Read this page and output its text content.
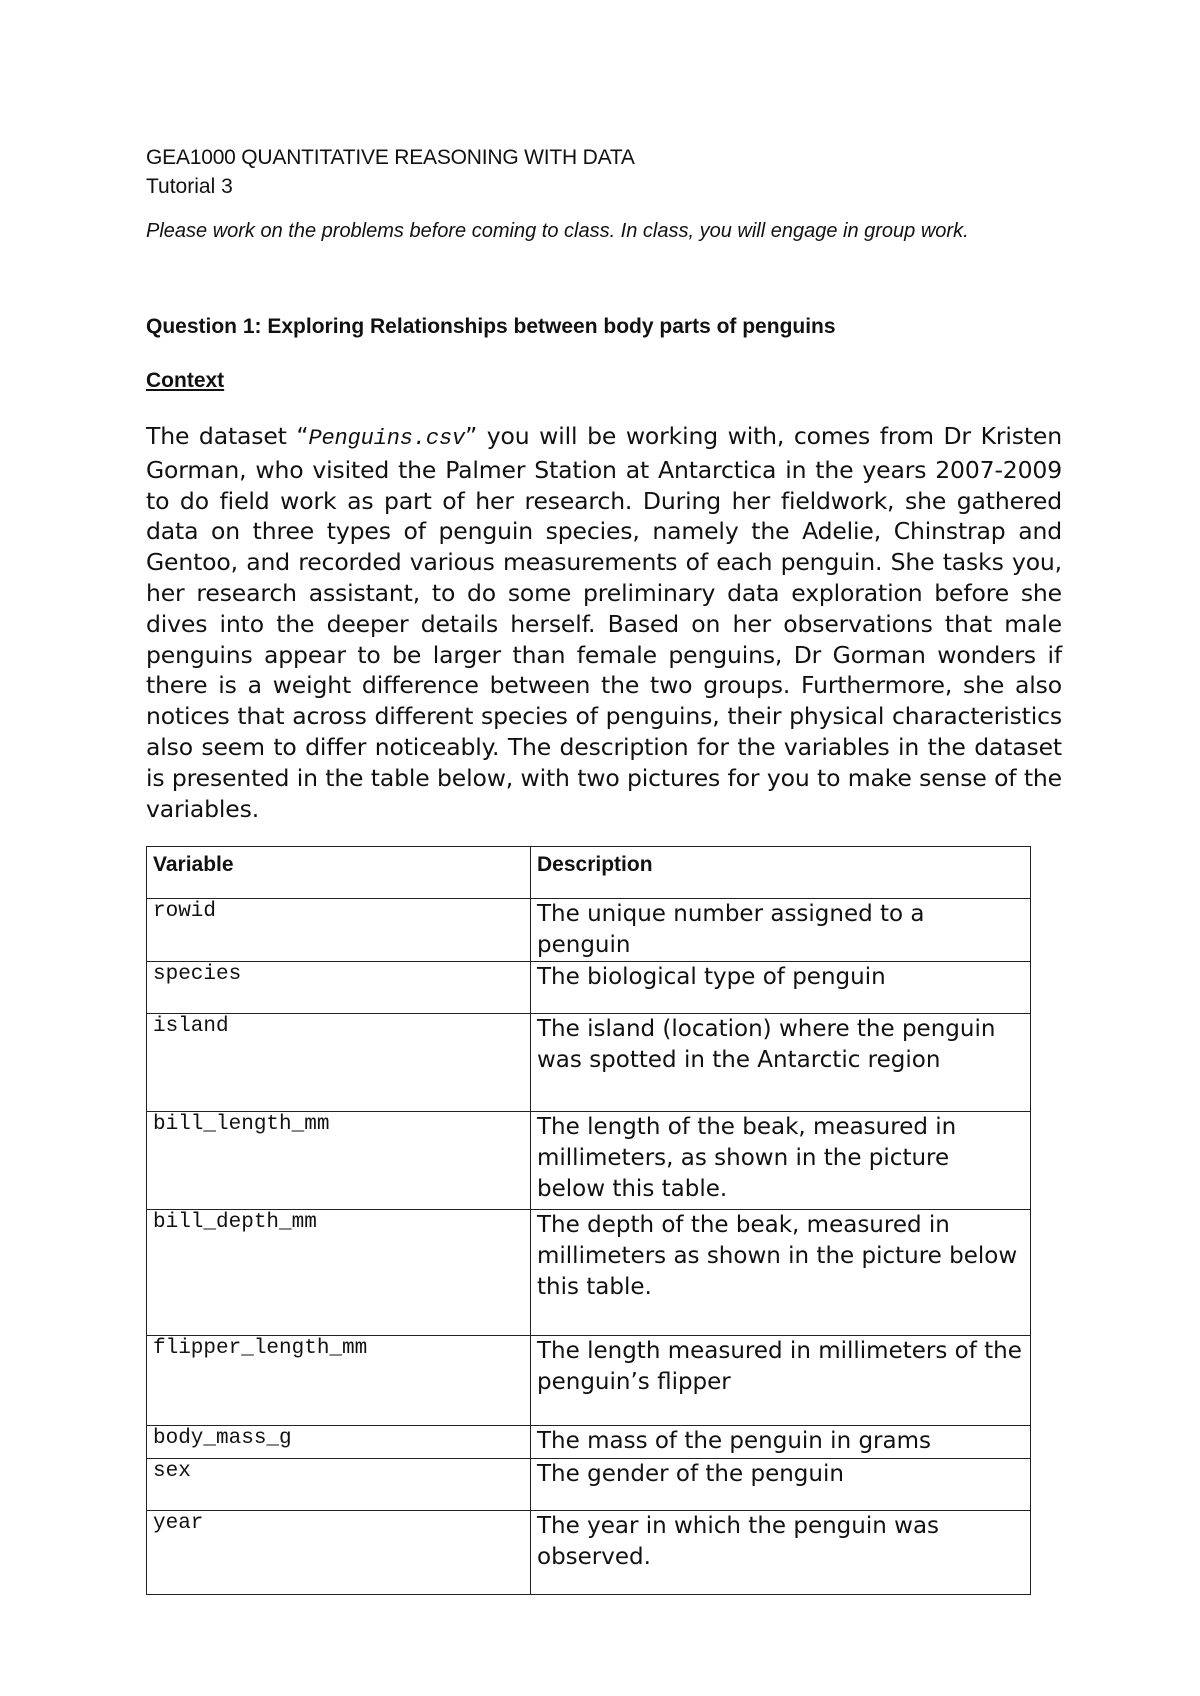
GEA1000 QUANTITATIVE REASONING WITH DATA
Tutorial 3
Please work on the problems before coming to class. In class, you will engage in group work.
Question 1: Exploring Relationships between body parts of penguins
Context
The dataset “Penguins.csv” you will be working with, comes from Dr Kristen Gorman, who visited the Palmer Station at Antarctica in the years 2007-2009 to do field work as part of her research. During her fieldwork, she gathered data on three types of penguin species, namely the Adelie, Chinstrap and Gentoo, and recorded various measurements of each penguin. She tasks you, her research assistant, to do some preliminary data exploration before she dives into the deeper details herself. Based on her observations that male penguins appear to be larger than female penguins, Dr Gorman wonders if there is a weight difference between the two groups. Furthermore, she also notices that across different species of penguins, their physical characteristics also seem to differ noticeably. The description for the variables in the dataset is presented in the table below, with two pictures for you to make sense of the variables.
Variable	Description
rowid	The unique number assigned to a penguin
species	The biological type of penguin
island	The island (location) where the penguin was spotted in the Antarctic region
bill_length_mm	The length of the beak, measured in millimeters, as shown in the picture below this table.
bill_depth_mm	The depth of the beak, measured in millimeters as shown in the picture below this table.
flipper_length_mm	The length measured in millimeters of the penguin’s flipper
body_mass_g	The mass of the penguin in grams
sex	The gender of the penguin
year	The year in which the penguin was observed.
